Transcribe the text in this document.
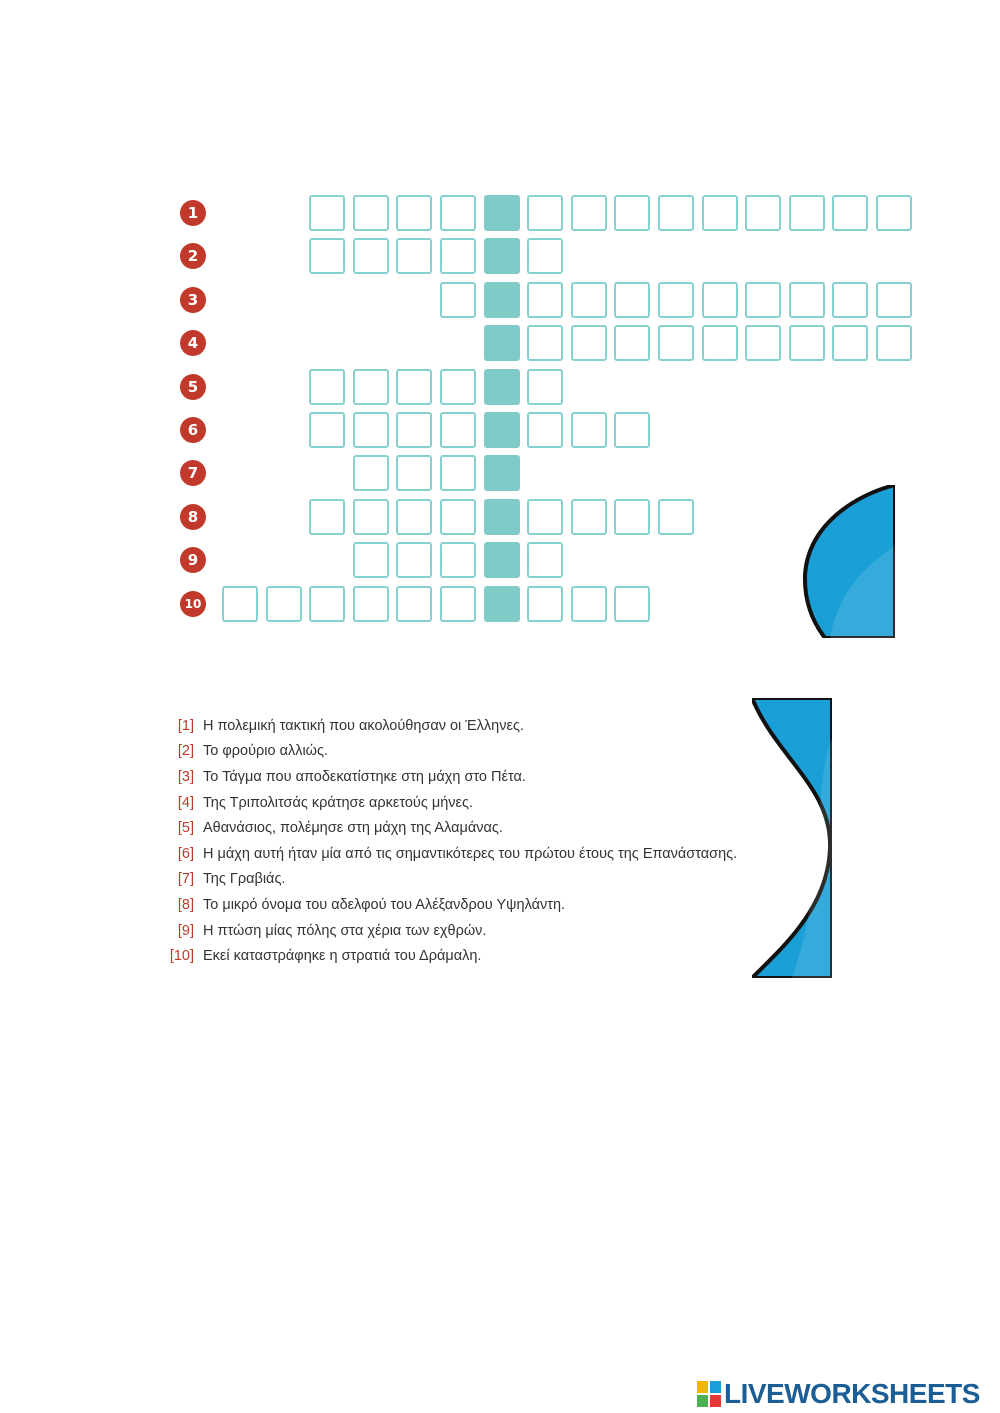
1
2
3
4
5
6
7
8
9
10
[1] Η πολεμική τακτική που ακολούθησαν οι Έλληνες.
[2] Το φρούριο αλλιώς.
[3] Το Τάγμα που αποδεκατίστηκε στη μάχη στο Πέτα.
[4] Της Τριπολιτσάς κράτησε αρκετούς μήνες.
[5] Αθανάσιος, πολέμησε στη μάχη της Αλαμάνας.
[6] Η μάχη αυτή ήταν μία από τις σημαντικότερες του πρώτου έτους της Επανάστασης.
[7] Της Γραβιάς.
[8] Το μικρό όνομα του αδελφού του Αλέξανδρου Υψηλάντη.
[9] Η πτώση μίας πόλης στα χέρια των εχθρών.
[10] Εκεί καταστράφηκε η στρατιά του Δράμαλη.
LIVEWORKSHEETS
